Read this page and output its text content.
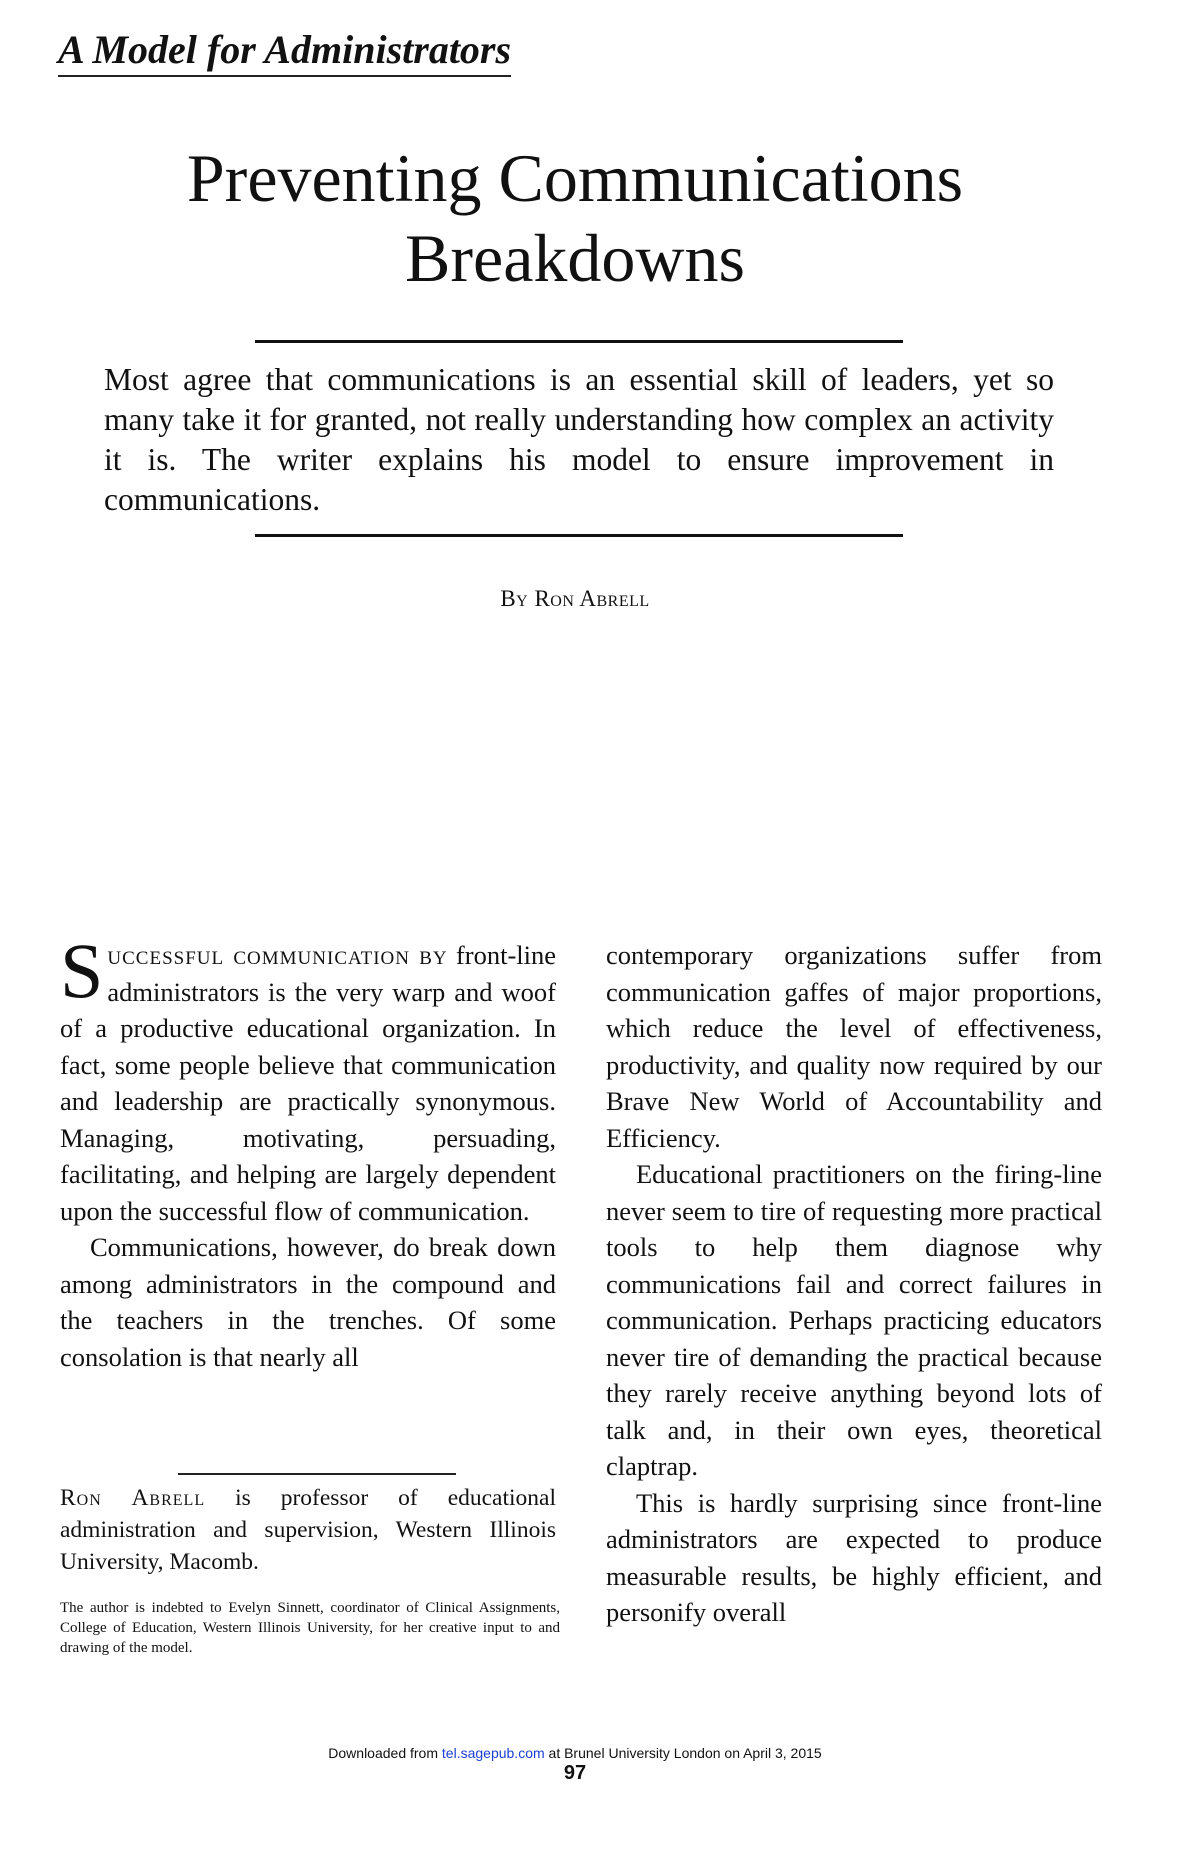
A Model for Administrators
Preventing Communications
Breakdowns
Most agree that communications is an essential skill of leaders, yet so many take it for granted, not really understanding how complex an activity it is. The writer explains his model to ensure improvement in communications.
By Ron Abrell

Successful communication by front-line administrators is the very warp and woof of a productive educational organization. In fact, some people believe that communication and leadership are practically synonymous. Managing, motivating, persuading, facilitating, and helping are largely dependent upon the successful flow of communication.

Communications, however, do break down among administrators in the compound and the teachers in the trenches. Of some consolation is that nearly all

contemporary organizations suffer from communication gaffes of major proportions, which reduce the level of effectiveness, productivity, and quality now required by our Brave New World of Accountability and Efficiency.

Educational practitioners on the firing-line never seem to tire of requesting more practical tools to help them diagnose why communications fail and correct failures in communication. Perhaps practicing educators never tire of demanding the practical because they rarely receive anything beyond lots of talk and, in their own eyes, theoretical claptrap.

This is hardly surprising since front-line administrators are expected to produce measurable results, be highly efficient, and personify overall

Ron Abrell is professor of educational administration and supervision, Western Illinois University, Macomb.
The author is indebted to Evelyn Sinnett, coordinator of Clinical Assignments, College of Education, Western Illinois University, for her creative input to and drawing of the model.
Downloaded from tel.sagepub.com at Brunel University London on April 3, 2015
97
